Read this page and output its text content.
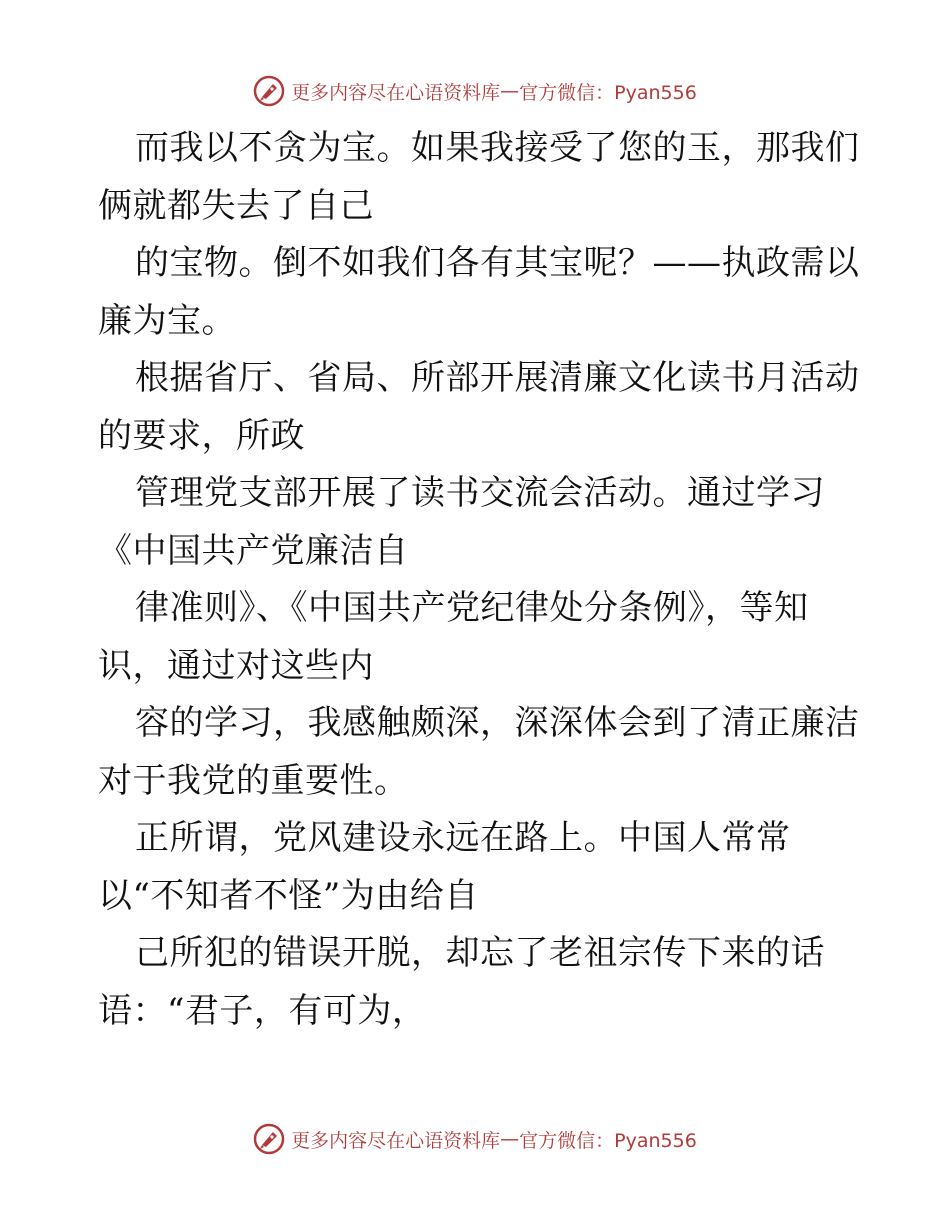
更多内容尽在心语资料库 — 官方微信：Pyan556
而我以不贪为宝。如果我接受了您的玉，那我们
俩就都失去了自己
的宝物。倒不如我们各有其宝呢？——执政需以
廉为宝。
根据省厅、省局、所部开展清廉文化读书月活动
的要求，所政
管理党支部开展了读书交流会活动。通过学习
《中国共产党廉洁自
律准则》、《中国共产党纪律处分条例》，等知
识，通过对这些内
容的学习，我感触颇深，深深体会到了清正廉洁
对于我党的重要性。
正所谓，党风建设永远在路上。中国人常常
以“不知者不怪”为由给自
己所犯的错误开脱，却忘了老祖宗传下来的话
语：“君子，有可为，
更多内容尽在心语资料库 — 官方微信：Pyan556
